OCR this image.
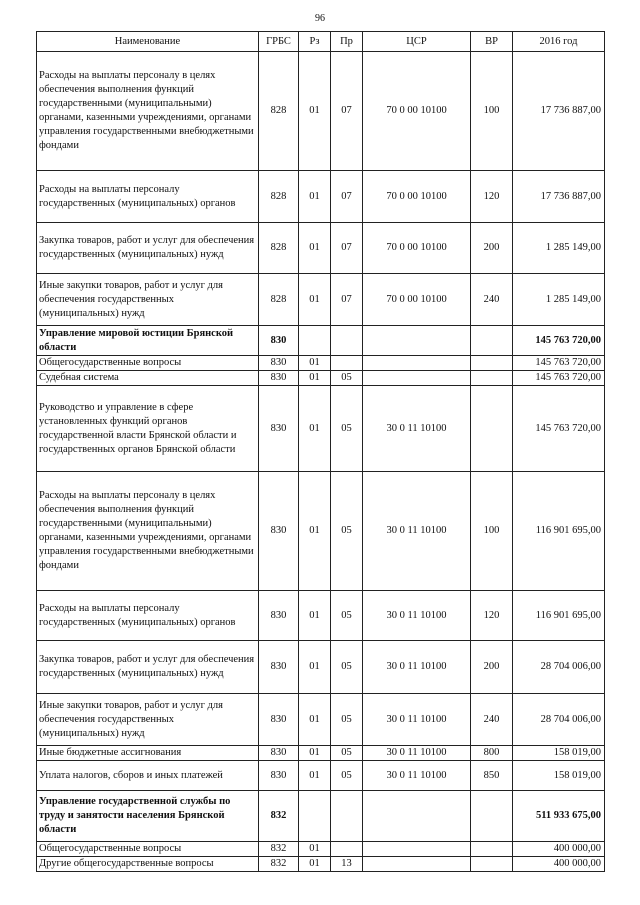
96
Наименование	ГРБС	Рз	Пр	ЦСР	ВР	2016 год
Расходы на выплаты персоналу в целях обеспечения выполнения функций государственными (муниципальными) органами, казенными учреждениями, органами управления государственными внебюджетными фондами	828	01	07	70 0 00 10100	100	17 736 887,00
Расходы на выплаты персоналу государственных (муниципальных) органов	828	01	07	70 0 00 10100	120	17 736 887,00
Закупка товаров, работ и услуг для обеспечения государственных (муниципальных) нужд	828	01	07	70 0 00 10100	200	1 285 149,00
Иные закупки товаров, работ и услуг для обеспечения государственных (муниципальных) нужд	828	01	07	70 0 00 10100	240	1 285 149,00
Управление мировой юстиции Брянской области	830					145 763 720,00
Общегосударственные вопросы	830	01				145 763 720,00
Судебная система	830	01	05			145 763 720,00
Руководство и управление в сфере установленных функций органов государственной власти Брянской области и государственных органов Брянской области	830	01	05	30 0 11 10100		145 763 720,00
Расходы на выплаты персоналу в целях обеспечения выполнения функций государственными (муниципальными) органами, казенными учреждениями, органами управления государственными внебюджетными фондами	830	01	05	30 0 11 10100	100	116 901 695,00
Расходы на выплаты персоналу государственных (муниципальных) органов	830	01	05	30 0 11 10100	120	116 901 695,00
Закупка товаров, работ и услуг для обеспечения государственных (муниципальных) нужд	830	01	05	30 0 11 10100	200	28 704 006,00
Иные закупки товаров, работ и услуг для обеспечения государственных (муниципальных) нужд	830	01	05	30 0 11 10100	240	28 704 006,00
Иные бюджетные ассигнования	830	01	05	30 0 11 10100	800	158 019,00
Уплата налогов, сборов и иных платежей	830	01	05	30 0 11 10100	850	158 019,00
Управление государственной службы по труду и занятости населения Брянской области	832					511 933 675,00
Общегосударственные вопросы	832	01				400 000,00
Другие общегосударственные вопросы	832	01	13			400 000,00
